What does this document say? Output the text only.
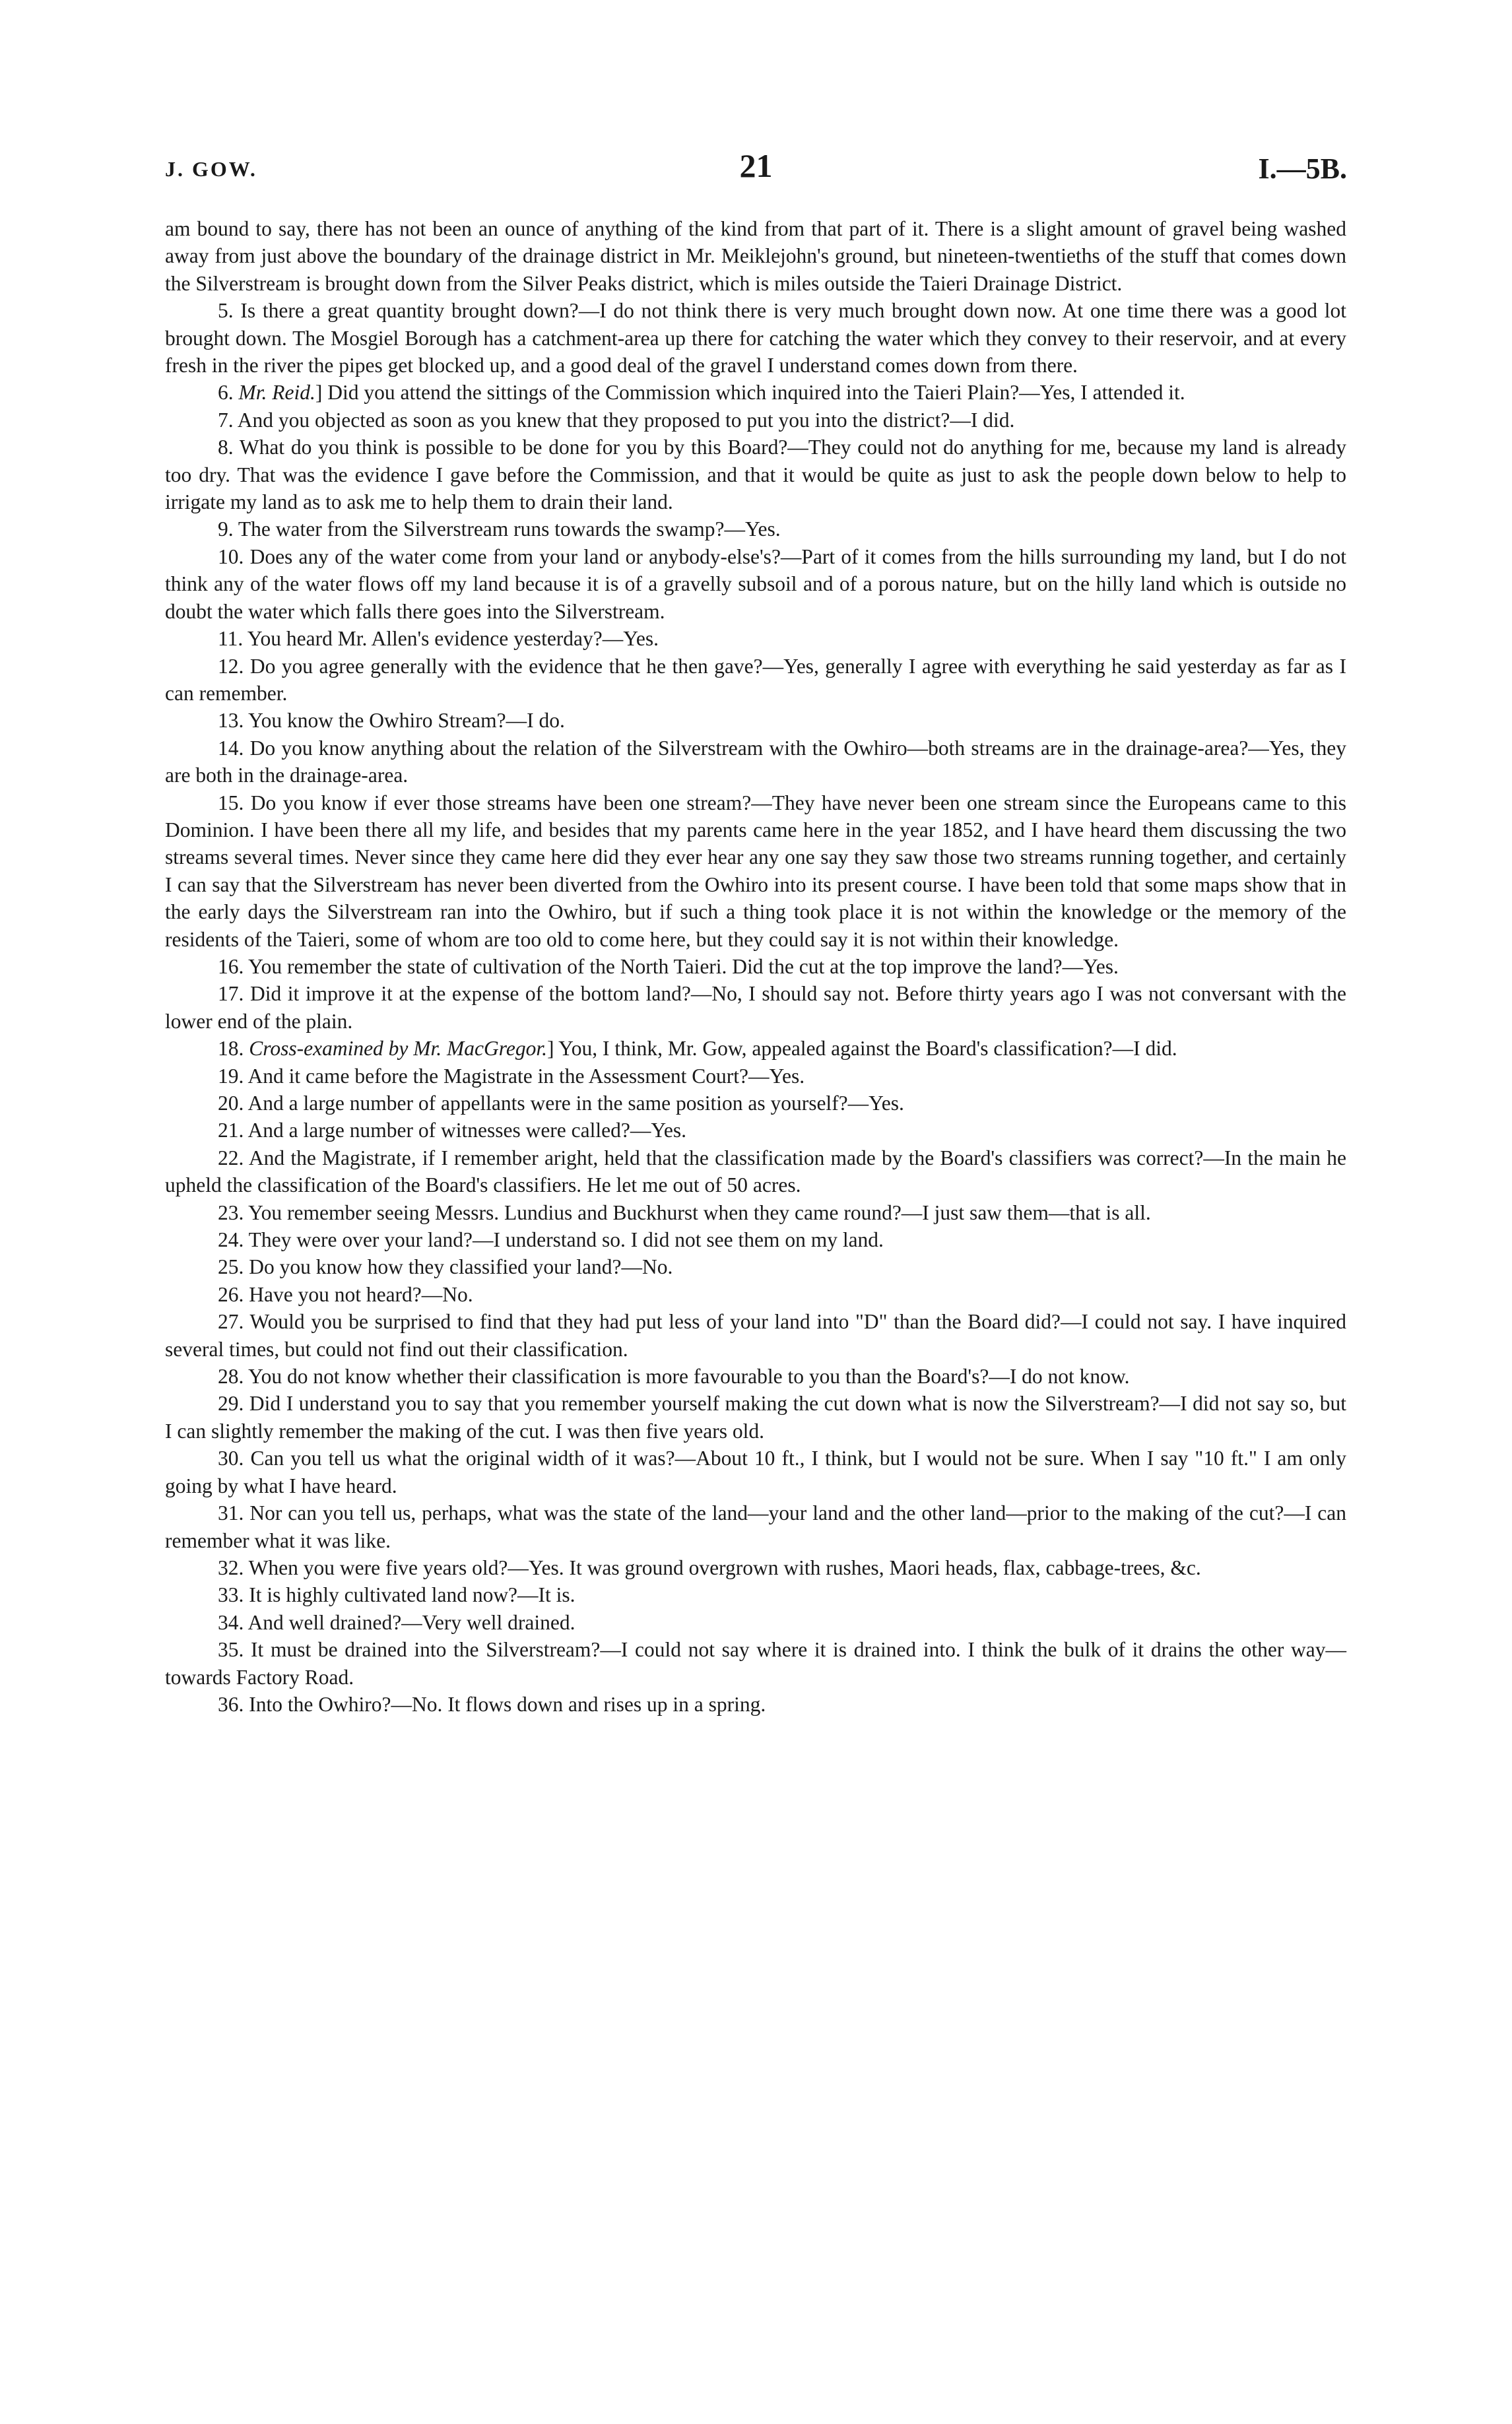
J. GOW.	21	I.—5B.

am bound to say, there has not been an ounce of anything of the kind from that part of it. There is a slight amount of gravel being washed away from just above the boundary of the drainage district in Mr. Meiklejohn's ground, but nineteen-twentieths of the stuff that comes down the Silverstream is brought down from the Silver Peaks district, which is miles outside the Taieri Drainage District.

5. Is there a great quantity brought down?—I do not think there is very much brought down now. At one time there was a good lot brought down. The Mosgiel Borough has a catchment-area up there for catching the water which they convey to their reservoir, and at every fresh in the river the pipes get blocked up, and a good deal of the gravel I understand comes down from there.

6. Mr. Reid.] Did you attend the sittings of the Commission which inquired into the Taieri Plain?—Yes, I attended it.

7. And you objected as soon as you knew that they proposed to put you into the district?—I did.

8. What do you think is possible to be done for you by this Board?—They could not do anything for me, because my land is already too dry. That was the evidence I gave before the Commission, and that it would be quite as just to ask the people down below to help to irrigate my land as to ask me to help them to drain their land.

9. The water from the Silverstream runs towards the swamp?—Yes.

10. Does any of the water come from your land or anybody-else's?—Part of it comes from the hills surrounding my land, but I do not think any of the water flows off my land because it is of a gravelly subsoil and of a porous nature, but on the hilly land which is outside no doubt the water which falls there goes into the Silverstream.

11. You heard Mr. Allen's evidence yesterday?—Yes.

12. Do you agree generally with the evidence that he then gave?—Yes, generally I agree with everything he said yesterday as far as I can remember.

13. You know the Owhiro Stream?—I do.

14. Do you know anything about the relation of the Silverstream with the Owhiro—both streams are in the drainage-area?—Yes, they are both in the drainage-area.

15. Do you know if ever those streams have been one stream?—They have never been one stream since the Europeans came to this Dominion. I have been there all my life, and besides that my parents came here in the year 1852, and I have heard them discussing the two streams several times. Never since they came here did they ever hear any one say they saw those two streams running together, and certainly I can say that the Silverstream has never been diverted from the Owhiro into its present course. I have been told that some maps show that in the early days the Silverstream ran into the Owhiro, but if such a thing took place it is not within the knowledge or the memory of the residents of the Taieri, some of whom are too old to come here, but they could say it is not within their knowledge.

16. You remember the state of cultivation of the North Taieri. Did the cut at the top improve the land?—Yes.

17. Did it improve it at the expense of the bottom land?—No, I should say not. Before thirty years ago I was not conversant with the lower end of the plain.

18. Cross-examined by Mr. MacGregor.] You, I think, Mr. Gow, appealed against the Board's classification?—I did.

19. And it came before the Magistrate in the Assessment Court?—Yes.

20. And a large number of appellants were in the same position as yourself?—Yes.

21. And a large number of witnesses were called?—Yes.

22. And the Magistrate, if I remember aright, held that the classification made by the Board's classifiers was correct?—In the main he upheld the classification of the Board's classifiers. He let me out of 50 acres.

23. You remember seeing Messrs. Lundius and Buckhurst when they came round?—I just saw them—that is all.

24. They were over your land?—I understand so. I did not see them on my land.

25. Do you know how they classified your land?—No.

26. Have you not heard?—No.

27. Would you be surprised to find that they had put less of your land into "D" than the Board did?—I could not say. I have inquired several times, but could not find out their classification.

28. You do not know whether their classification is more favourable to you than the Board's?—I do not know.

29. Did I understand you to say that you remember yourself making the cut down what is now the Silverstream?—I did not say so, but I can slightly remember the making of the cut. I was then five years old.

30. Can you tell us what the original width of it was?—About 10 ft., I think, but I would not be sure. When I say "10 ft." I am only going by what I have heard.

31. Nor can you tell us, perhaps, what was the state of the land—your land and the other land—prior to the making of the cut?—I can remember what it was like.

32. When you were five years old?—Yes. It was ground overgrown with rushes, Maori heads, flax, cabbage-trees, &c.

33. It is highly cultivated land now?—It is.

34. And well drained?—Very well drained.

35. It must be drained into the Silverstream?—I could not say where it is drained into. I think the bulk of it drains the other way—towards Factory Road.

36. Into the Owhiro?—No. It flows down and rises up in a spring.
